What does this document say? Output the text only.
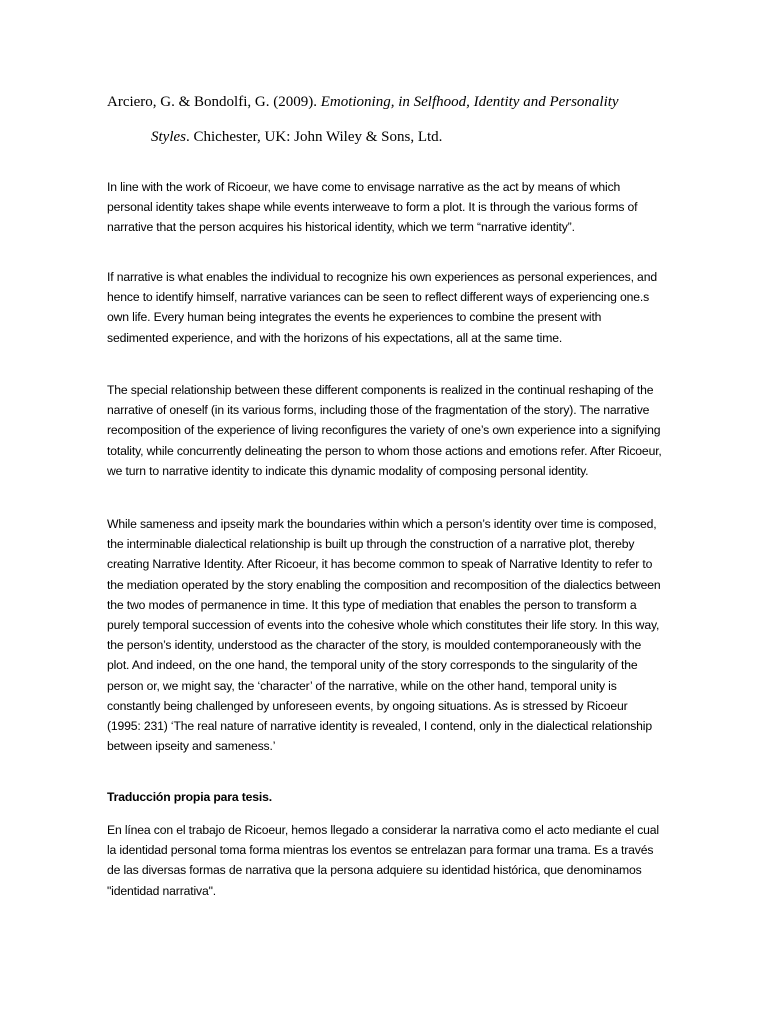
Arciero, G. & Bondolfi, G. (2009). Emotioning, in Selfhood, Identity and Personality
Styles. Chichester, UK: John Wiley & Sons, Ltd.

In line with the work of Ricoeur, we have come to envisage narrative as the act by means of which personal identity takes shape while events interweave to form a plot. It is through the various forms of narrative that the person acquires his historical identity, which we term “narrative identity”.

If narrative is what enables the individual to recognize his own experiences as personal experiences, and hence to identify himself, narrative variances can be seen to reflect different ways of experiencing one.s own life. Every human being integrates the events he experiences to combine the present with sedimented experience, and with the horizons of his expectations, all at the same time.

The special relationship between these different components is realized in the continual reshaping of the narrative of oneself (in its various forms, including those of the fragmentation of the story). The narrative recomposition of the experience of living reconfigures the variety of one’s own experience into a signifying totality, while concurrently delineating the person to whom those actions and emotions refer. After Ricoeur, we turn to narrative identity to indicate this dynamic modality of composing personal identity.

While sameness and ipseity mark the boundaries within which a person’s identity over time is composed, the interminable dialectical relationship is built up through the construction of a narrative plot, thereby creating Narrative Identity. After Ricoeur, it has become common to speak of Narrative Identity to refer to the mediation operated by the story enabling the composition and recomposition of the dialectics between the two modes of permanence in time. It this type of mediation that enables the person to transform a purely temporal succession of events into the cohesive whole which constitutes their life story. In this way, the person’s identity, understood as the character of the story, is moulded contemporaneously with the plot. And indeed, on the one hand, the temporal unity of the story corresponds to the singularity of the person or, we might say, the ‘character’ of the narrative, while on the other hand, temporal unity is constantly being challenged by unforeseen events, by ongoing situations. As is stressed by Ricoeur (1995: 231) ‘The real nature of narrative identity is revealed, I contend, only in the dialectical relationship between ipseity and sameness.’

Traducción propia para tesis.

En línea con el trabajo de Ricoeur, hemos llegado a considerar la narrativa como el acto mediante el cual la identidad personal toma forma mientras los eventos se entrelazan para formar una trama. Es a través de las diversas formas de narrativa que la persona adquiere su identidad histórica, que denominamos "identidad narrativa".
